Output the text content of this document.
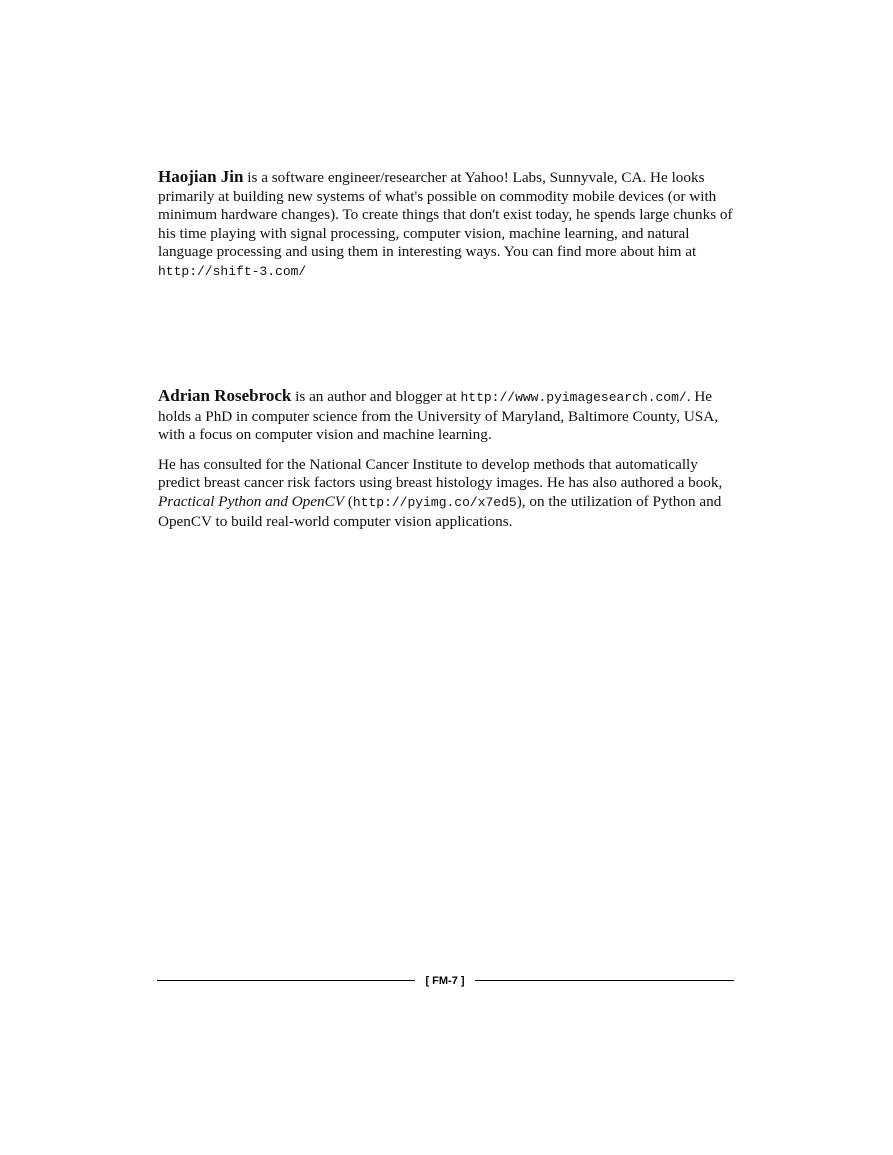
Haojian Jin is a software engineer/researcher at Yahoo! Labs, Sunnyvale, CA. He looks primarily at building new systems of what's possible on commodity mobile devices (or with minimum hardware changes). To create things that don't exist today, he spends large chunks of his time playing with signal processing, computer vision, machine learning, and natural language processing and using them in interesting ways. You can find more about him at http://shift-3.com/

Adrian Rosebrock is an author and blogger at http://www.pyimagesearch.com/. He holds a PhD in computer science from the University of Maryland, Baltimore County, USA, with a focus on computer vision and machine learning.

He has consulted for the National Cancer Institute to develop methods that automatically predict breast cancer risk factors using breast histology images. He has also authored a book, Practical Python and OpenCV (http://pyimg.co/x7ed5), on the utilization of Python and OpenCV to build real-world computer vision applications.

[ FM-7 ]
